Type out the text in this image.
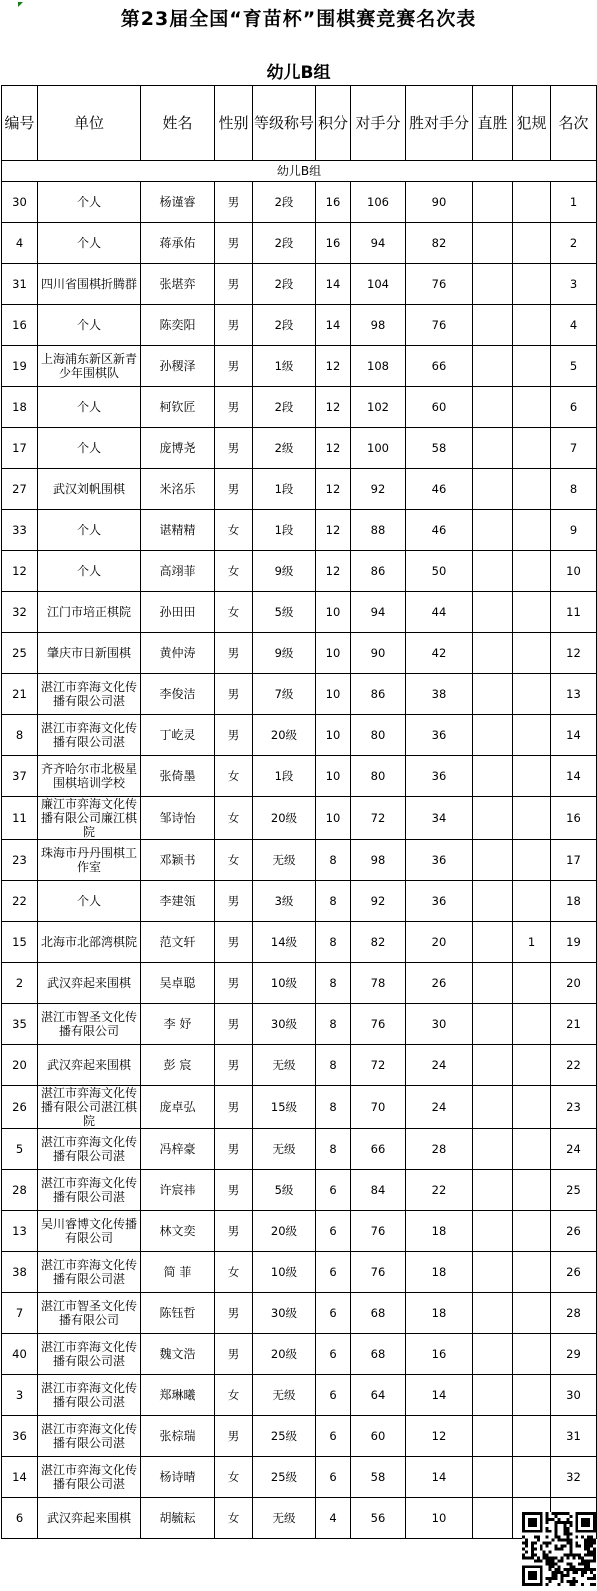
第23届全国“育苗杯”围棋赛竞赛名次表
幼儿B组
编号	单位	姓名	性别	等级称号	积分	对手分	胜对手分	直胜	犯规	名次
幼儿B组										
30	个人	杨谨睿	男	2段	16	106	90			1
4	个人	蒋承佑	男	2段	16	94	82			2
31	四川省围棋折腾群	张堪弈	男	2段	14	104	76			3
16	个人	陈奕阳	男	2段	14	98	76			4
19	上海浦东新区新青少年围棋队	孙稷泽	男	1级	12	108	66			5
18	个人	柯钦匠	男	2段	12	102	60			6
17	个人	庞博尧	男	2级	12	100	58			7
27	武汉刘帆围棋	米洺乐	男	1段	12	92	46			8
33	个人	谌精精	女	1段	12	88	46			9
12	个人	高翊菲	女	9级	12	86	50			10
32	江门市培正棋院	孙田田	女	5级	10	94	44			11
25	肇庆市日新围棋	黄仲涛	男	9级	10	90	42			12
21	湛江市弈海文化传播有限公司湛	李俊洁	男	7级	10	86	38			13
8	湛江市弈海文化传播有限公司湛	丁屹灵	男	20级	10	80	36			14
37	齐齐哈尔市北极星围棋培训学校	张倚墨	女	1段	10	80	36			14
11	廉江市弈海文化传播有限公司廉江棋院	邹诗怡	女	20级	10	72	34			16
23	珠海市丹丹围棋工作室	邓颖书	女	无级	8	98	36			17
22	个人	李建瓴	男	3级	8	92	36			18
15	北海市北部湾棋院	范文轩	男	14级	8	82	20		1	19
2	武汉弈起来围棋	吴卓聪	男	10级	8	78	26			20
35	湛江市智圣文化传播有限公司	李 妤	男	30级	8	76	30			21
20	武汉弈起来围棋	彭 宸	男	无级	8	72	24			22
26	湛江市弈海文化传播有限公司湛江棋院	庞卓弘	男	15级	8	70	24			23
5	湛江市弈海文化传播有限公司湛	冯梓豪	男	无级	8	66	28			24
28	湛江市弈海文化传播有限公司湛	许宸祎	男	5级	6	84	22			25
13	吴川睿博文化传播有限公司	林文奕	男	20级	6	76	18			26
38	湛江市弈海文化传播有限公司湛	简 菲	女	10级	6	76	18			26
7	湛江市智圣文化传播有限公司	陈钰哲	男	30级	6	68	18			28
40	湛江市弈海文化传播有限公司湛	魏文浩	男	20级	6	68	16			29
3	湛江市弈海文化传播有限公司湛	郑琳曦	女	无级	6	64	14			30
36	湛江市弈海文化传播有限公司湛	张棕瑞	男	25级	6	60	12			31
14	湛江市弈海文化传播有限公司湛	杨诗晴	女	25级	6	58	14			32
6	武汉弈起来围棋	胡毓耘	女	无级	4	56	10			
